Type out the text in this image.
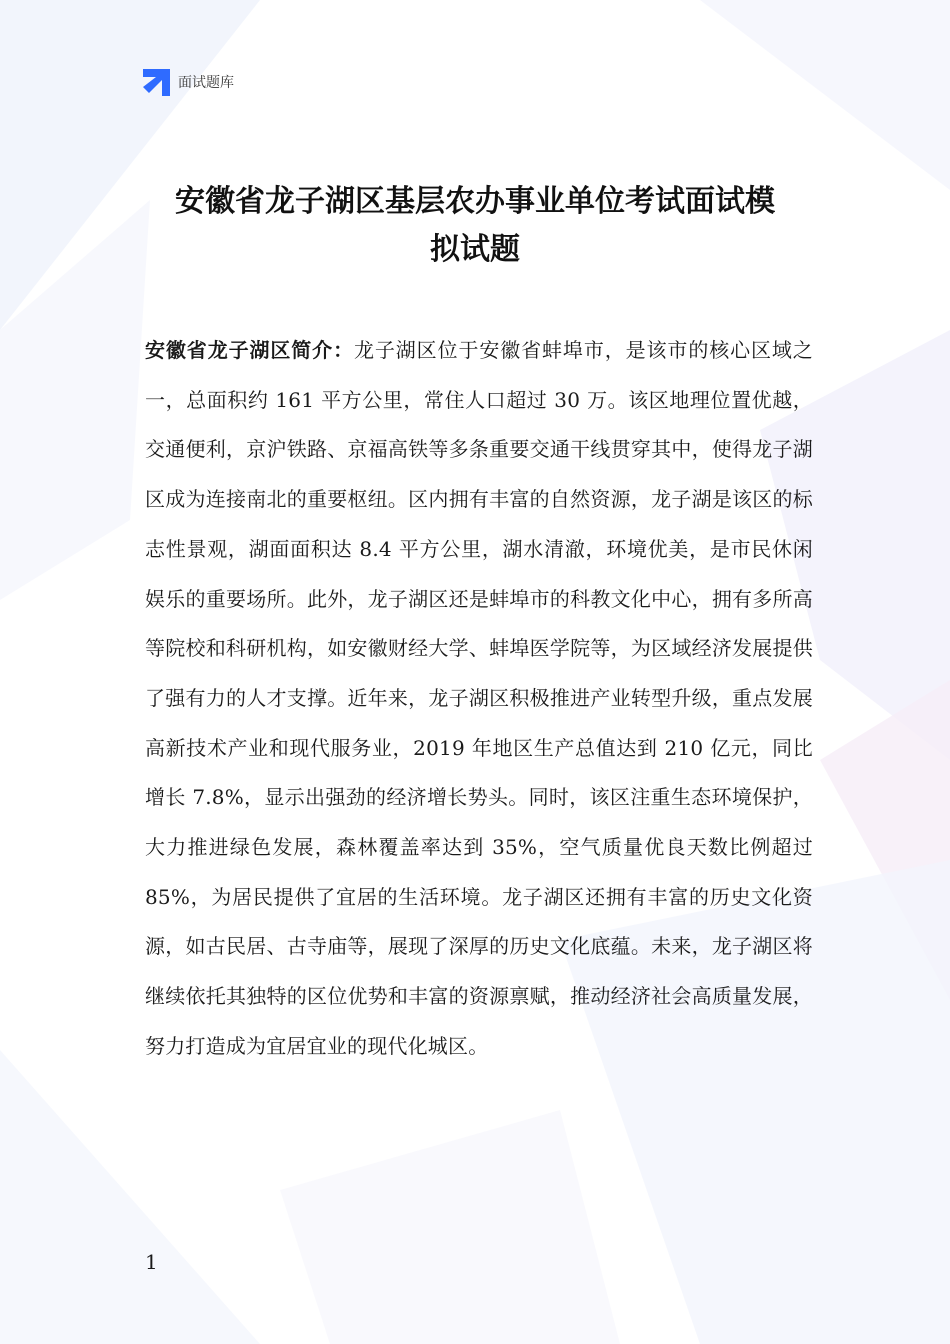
面试题库
安徽省龙子湖区基层农办事业单位考试面试模
拟试题

安徽省龙子湖区简介：龙子湖区位于安徽省蚌埠市，是该市的核心区域之一，总面积约 161 平方公里，常住人口超过 30 万。该区地理位置优越，交通便利，京沪铁路、京福高铁等多条重要交通干线贯穿其中，使得龙子湖区成为连接南北的重要枢纽。区内拥有丰富的自然资源，龙子湖是该区的标志性景观，湖面面积达 8.4 平方公里，湖水清澈，环境优美，是市民休闲娱乐的重要场所。此外，龙子湖区还是蚌埠市的科教文化中心，拥有多所高等院校和科研机构，如安徽财经大学、蚌埠医学院等，为区域经济发展提供了强有力的人才支撑。近年来，龙子湖区积极推进产业转型升级，重点发展高新技术产业和现代服务业，2019 年地区生产总值达到 210 亿元，同比增长 7.8%，显示出强劲的经济增长势头。同时，该区注重生态环境保护，大力推进绿色发展，森林覆盖率达到 35%，空气质量优良天数比例超过 85%，为居民提供了宜居的生活环境。龙子湖区还拥有丰富的历史文化资源，如古民居、古寺庙等，展现了深厚的历史文化底蕴。未来，龙子湖区将继续依托其独特的区位优势和丰富的资源禀赋，推动经济社会高质量发展，努力打造成为宜居宜业的现代化城区。

1
